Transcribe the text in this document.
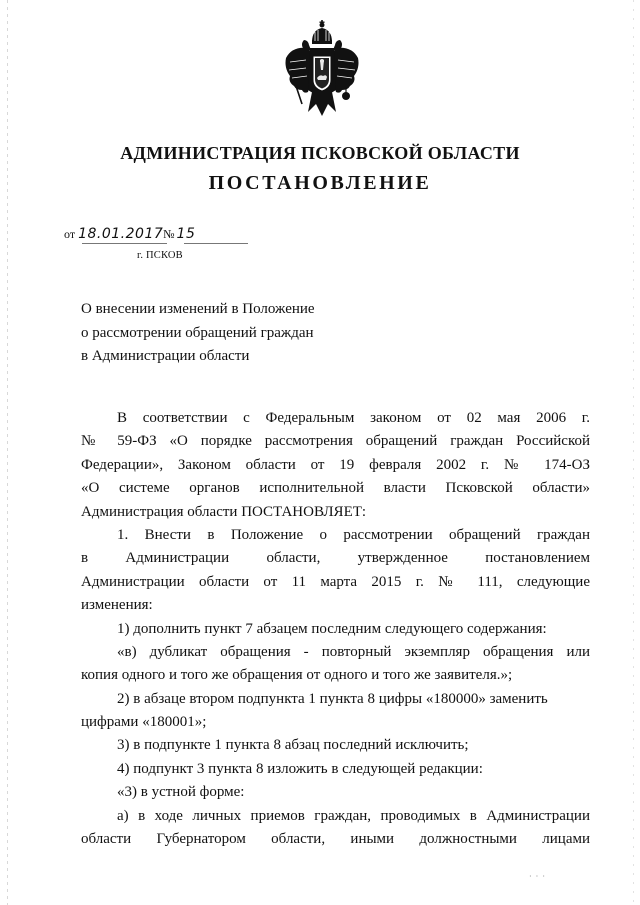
АДМИНИСТРАЦИЯ ПСКОВСКОЙ ОБЛАСТИ
ПОСТАНОВЛЕНИЕ
от 18.01.2017№ 15
г. ПСКОВ
О внесении изменений в Положение
о рассмотрении обращений граждан
в Администрации области
В соответствии с Федеральным законом от 02 мая 2006 г.
№ 59-ФЗ «О порядке рассмотрения обращений граждан Российской
Федерации», Законом области от 19 февраля 2002 г. № 174-ОЗ
«О системе органов исполнительной власти Псковской области»
Администрация области ПОСТАНОВЛЯЕТ:
1. Внести в Положение о рассмотрении обращений граждан
в Администрации области, утвержденное постановлением
Администрации области от 11 марта 2015 г. № 111, следующие
изменения:
1) дополнить пункт 7 абзацем последним следующего содержания:
«в) дубликат обращения - повторный экземпляр обращения или
копия одного и того же обращения от одного и того же заявителя.»;
2) в абзаце втором подпункта 1 пункта 8 цифры «180000» заменить
цифрами «180001»;
3) в подпункте 1 пункта 8 абзац последний исключить;
4) подпункт 3 пункта 8 изложить в следующей редакции:
«3) в устной форме:
а) в ходе личных приемов граждан, проводимых в Администрации
области Губернатором области, иными должностными лицами
· · ·
